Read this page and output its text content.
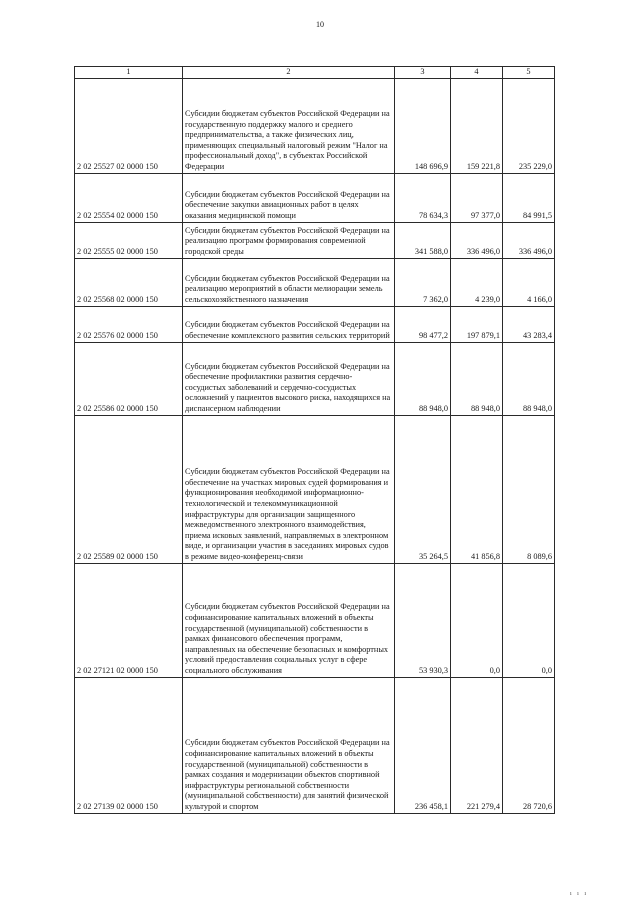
10
1	2	3	4	5
2 02 25527 02 0000 150	Субсидии бюджетам субъектов Российской Федерации на государственную поддержку малого и среднего предпринимательства, а также физических лиц, применяющих специальный налоговый режим "Налог на профессиональный доход", в субъектах Российской Федерации	148 696,9	159 221,8	235 229,0
2 02 25554 02 0000 150	Субсидии бюджетам субъектов Российской Федерации на обеспечение закупки авиационных работ в целях оказания медицинской помощи	78 634,3	97 377,0	84 991,5
2 02 25555 02 0000 150	Субсидии бюджетам субъектов Российской Федерации на реализацию программ формирования современной городской среды	341 588,0	336 496,0	336 496,0
2 02 25568 02 0000 150	Субсидии бюджетам субъектов Российской Федерации на реализацию мероприятий в области мелиорации земель сельскохозяйственного назначения	7 362,0	4 239,0	4 166,0
2 02 25576 02 0000 150	Субсидии бюджетам субъектов Российской Федерации на обеспечение комплексного развития сельских территорий	98 477,2	197 879,1	43 283,4
2 02 25586 02 0000 150	Субсидии бюджетам субъектов Российской Федерации на обеспечение профилактики развития сердечно-сосудистых заболеваний и сердечно-сосудистых осложнений у пациентов высокого риска, находящихся на диспансерном наблюдении	88 948,0	88 948,0	88 948,0
2 02 25589 02 0000 150	Субсидии бюджетам субъектов Российской Федерации на обеспечение на участках мировых судей формирования и функционирования необходимой информационно-технологической и телекоммуникационной инфраструктуры для организации защищенного межведомственного электронного взаимодействия, приема исковых заявлений, направляемых в электронном виде, и организации участия в заседаниях мировых судов в режиме видео-конференц-связи	35 264,5	41 856,8	8 089,6
2 02 27121 02 0000 150	Субсидии бюджетам субъектов Российской Федерации на софинансирование капитальных вложений в объекты государственной (муниципальной) собственности в рамках финансового обеспечения программ, направленных на обеспечение безопасных и комфортных условий предоставления социальных услуг в сфере социального обслуживания	53 930,3	0,0	0,0
2 02 27139 02 0000 150	Субсидии бюджетам субъектов Российской Федерации на софинансирование капитальных вложений в объекты государственной (муниципальной) собственности в рамках создания и модернизации объектов спортивной инфраструктуры региональной собственности (муниципальной собственности) для занятий физической культурой и спортом	236 458,1	221 279,4	28 720,6
ı ı ı
